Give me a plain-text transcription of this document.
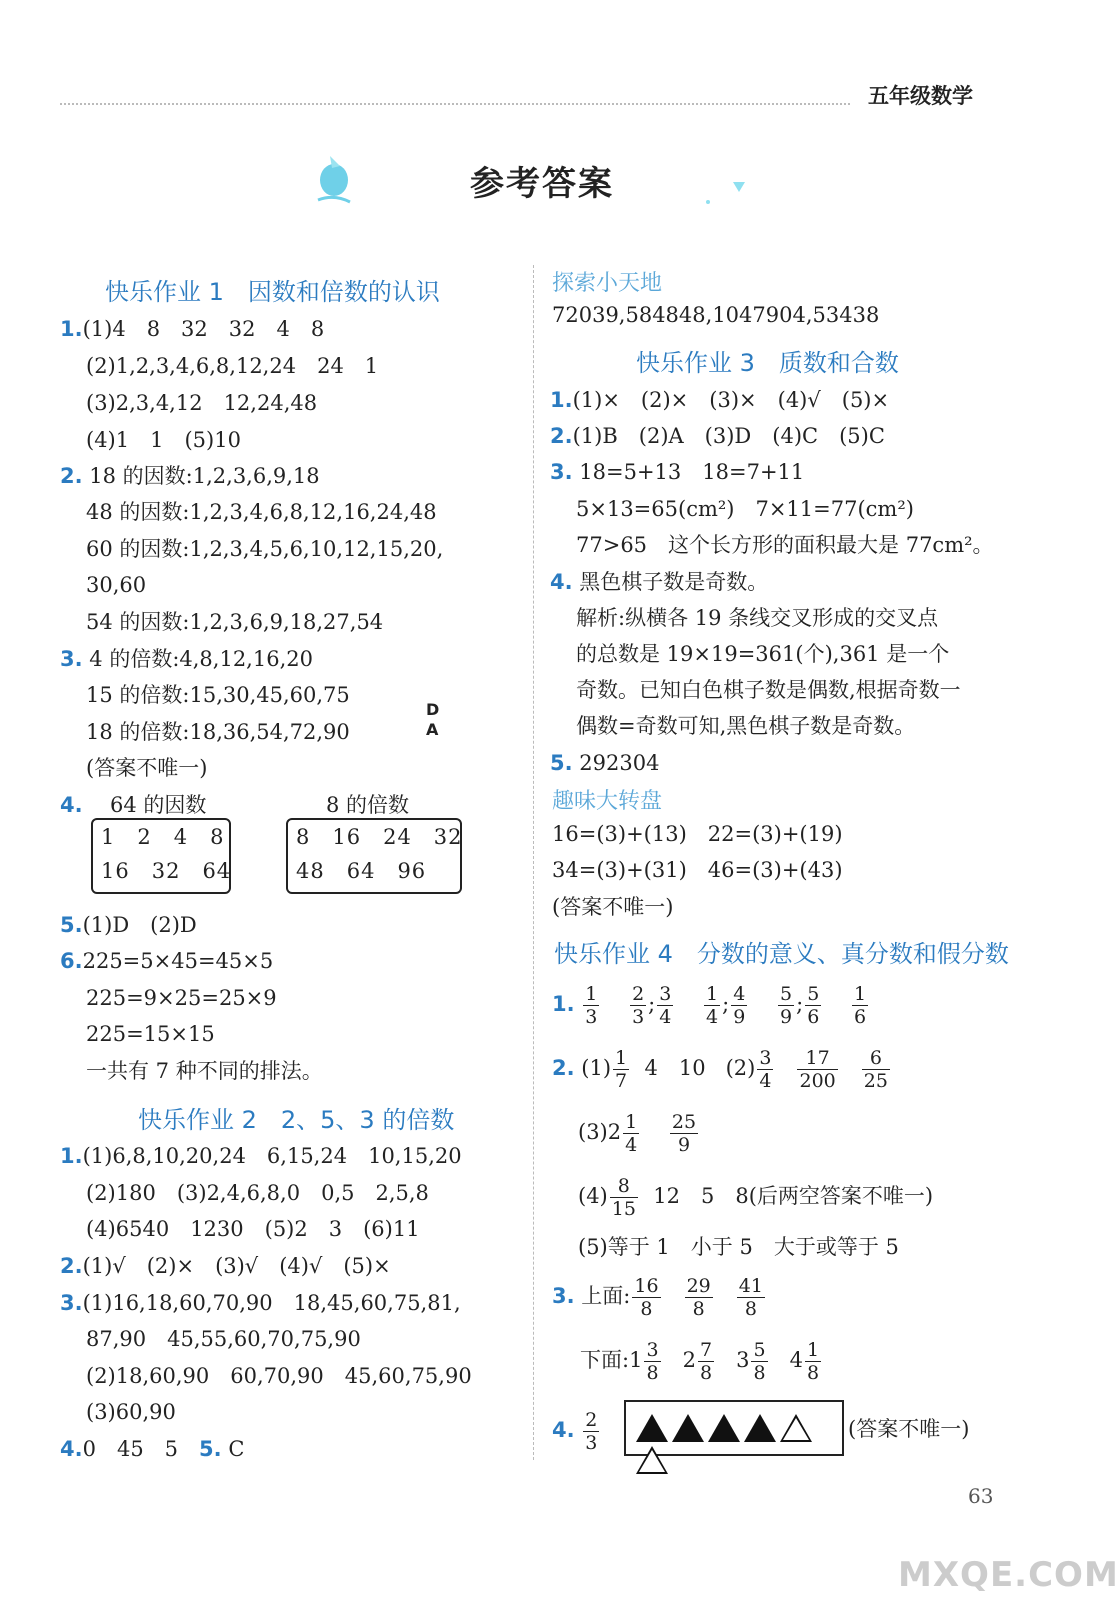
五年级数学
参考答案
快乐作业 1　因数和倍数的认识
1.(1)4　8　32　32　4　8
(2)1,2,3,4,6,8,12,24　24　1
(3)2,3,4,12　12,24,48
(4)1　1　(5)10
2. 18 的因数:1,2,3,6,9,18
48 的因数:1,2,3,4,6,8,12,16,24,48
60 的因数:1,2,3,4,5,6,10,12,15,20,
30,60
54 的因数:1,2,3,6,9,18,27,54
3. 4 的倍数:4,8,12,16,20
15 的倍数:15,30,45,60,75
18 的倍数:18,36,54,72,90
(答案不唯一)
D
A
4. 64 的因数
1　2　4　8
16　32　64
8 的倍数
8　16　24　32
48　64　96
5.(1)D　(2)D
6.225=5×45=45×5
225=9×25=25×9
225=15×15
一共有 7 种不同的排法。
快乐作业 2　2、5、3 的倍数
1.(1)6,8,10,20,24　6,15,24　10,15,20
(2)180　(3)2,4,6,8,0　0,5　2,5,8
(4)6540　1230　(5)2　3　(6)11
2.(1)√　(2)×　(3)√　(4)√　(5)×
3.(1)16,18,60,70,90　18,45,60,75,81,
87,90　45,55,60,70,75,90
(2)18,60,90　60,70,90　45,60,75,90
(3)60,90
4.0　45　5　 5. C
探索小天地
72039,584848,1047904,53438
快乐作业 3　质数和合数
1.(1)×　(2)×　(3)×　(4)√　(5)×
2.(1)B　(2)A　(3)D　(4)C　(5)C
3. 18=5+13　18=7+11
5×13=65(cm²)　7×11=77(cm²)
77>65　这个长方形的面积最大是 77cm²。
4. 黑色棋子数是奇数。
解析:纵横各 19 条线交叉形成的交叉点
的总数是 19×19=361(个),361 是一个
奇数。已知白色棋子数是偶数,根据奇数一
偶数=奇数可知,黑色棋子数是奇数。
5. 292304
趣味大转盘
16=(3)+(13)　22=(3)+(19)
34=(3)+(31)　46=(3)+(43)
(答案不唯一)
快乐作业 4　分数的意义、真分数和假分数
1. $\frac{1}{3}$
$\frac{2}{3}$ ; $\frac{3}{4}$
$\frac{1}{4}$ ; $\frac{4}{9}$
$\frac{5}{9}$ ; $\frac{5}{6}$
$\frac{1}{6}$
2. $(1) \frac{1}{7} 4$　10 $(2) \frac{3}{4}$
$\frac{17}{200}$
$\frac{6}{25}$
$(3)2 \frac{1}{4}$
$\frac{25}{9}$
$(4) \frac{8}{15} 12$　5　8(后两空答案不唯一)
(5)等于 1　小于 5　大于或等于 5
3. 上面: $\frac{16}{8}$
$\frac{29}{8}$
$\frac{41}{8}$
下面:1 $\frac{3}{8} 2 \frac{7}{8} 3 \frac{5}{8} 4 \frac{1}{8}$
4. $\frac{2}{3}$	(答案不唯一)
63
MXQE.COM
